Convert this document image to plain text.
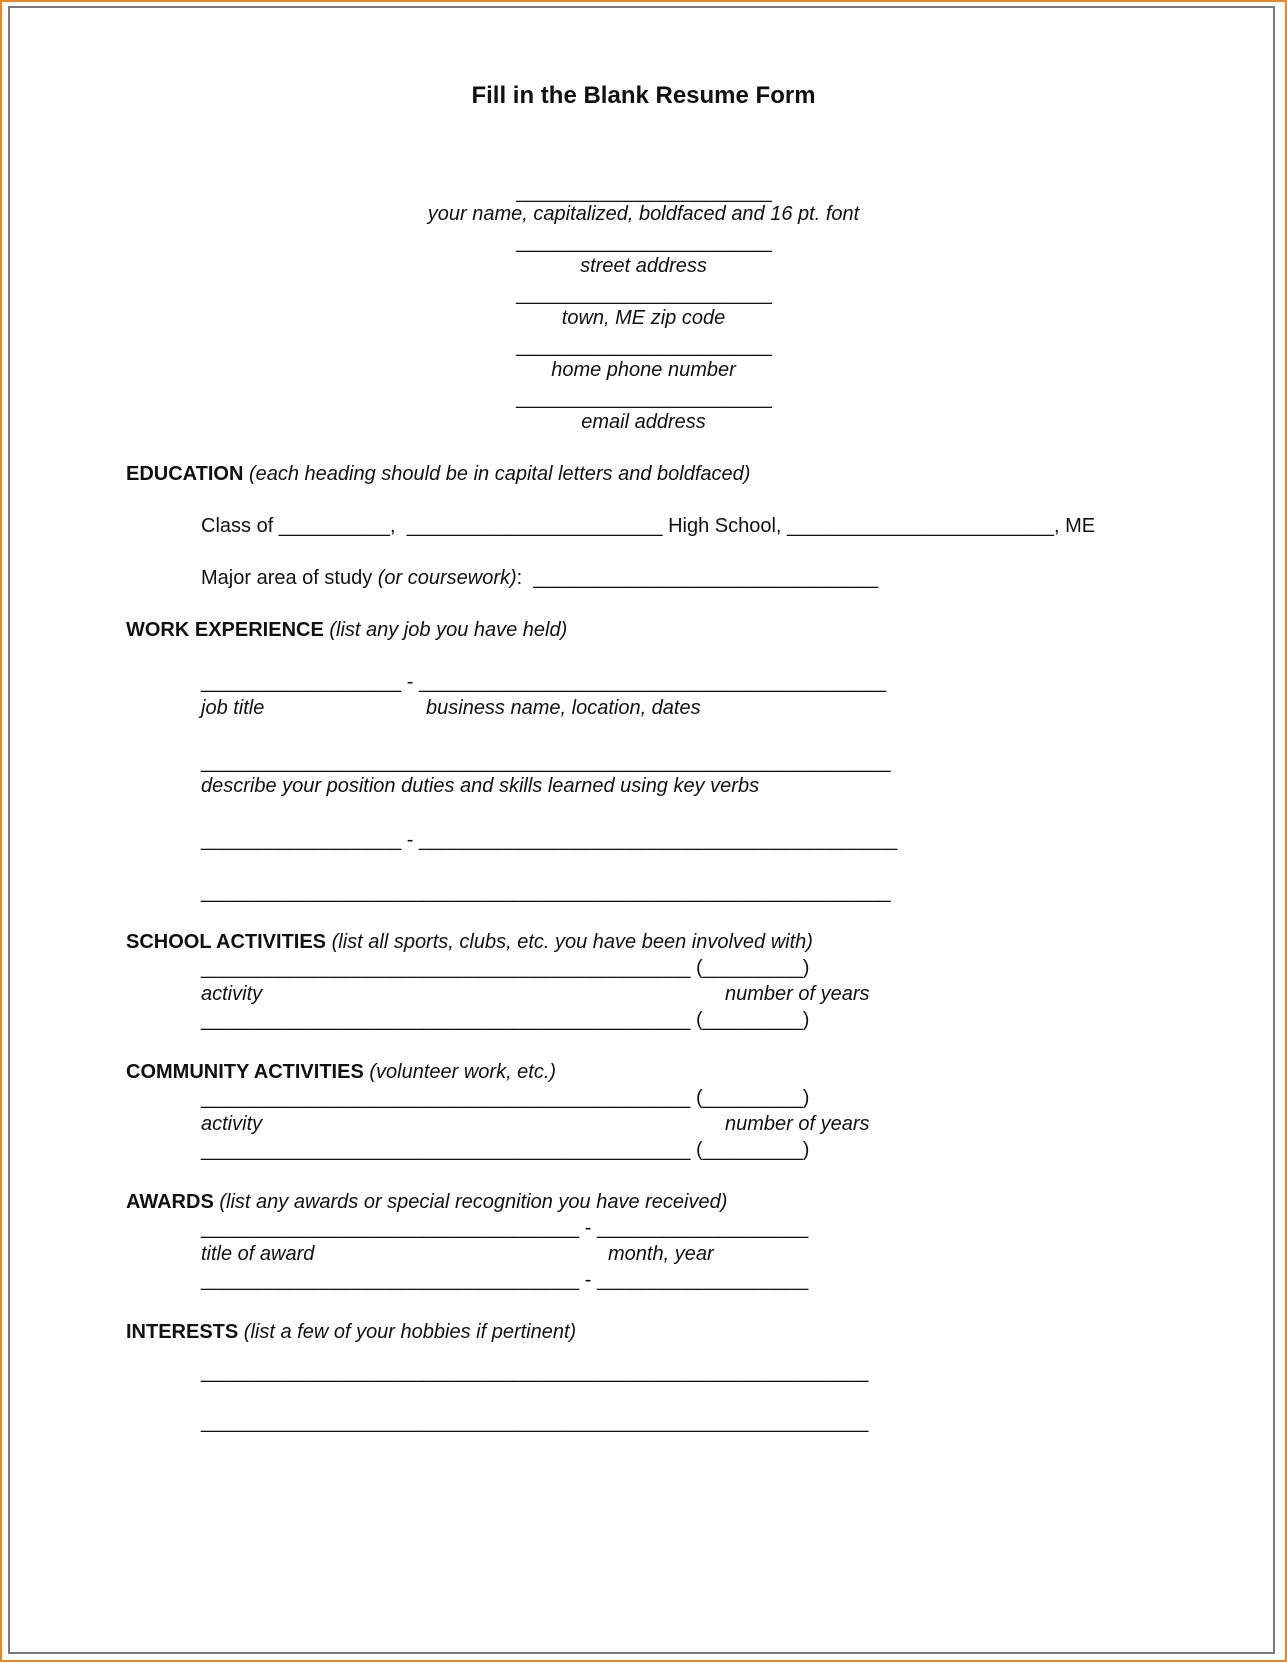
Fill in the Blank Resume Form
_______________________
your name, capitalized, boldfaced and 16 pt. font
_______________________
street address
_______________________
town, ME zip code
_______________________
home phone number
_______________________
email address
EDUCATION (each heading should be in capital letters and boldfaced)
Class of __________,  _______________________ High School, ________________________, ME
Major area of study (or coursework):  _______________________________
WORK EXPERIENCE (list any job you have held)
__________________ - __________________________________________
job title	business name, location, dates
______________________________________________________________
describe your position duties and skills learned using key verbs
__________________ - ___________________________________________
______________________________________________________________
SCHOOL ACTIVITIES (list all sports, clubs, etc. you have been involved with)
____________________________________________ (_________)
activity	number of years
____________________________________________ (_________)
COMMUNITY ACTIVITIES (volunteer work, etc.)
____________________________________________ (_________)
activity	number of years
____________________________________________ (_________)
AWARDS (list any awards or special recognition you have received)
__________________________________ - ___________________
title of award	month, year
__________________________________ - ___________________
INTERESTS (list a few of your hobbies if pertinent)
____________________________________________________________
____________________________________________________________
